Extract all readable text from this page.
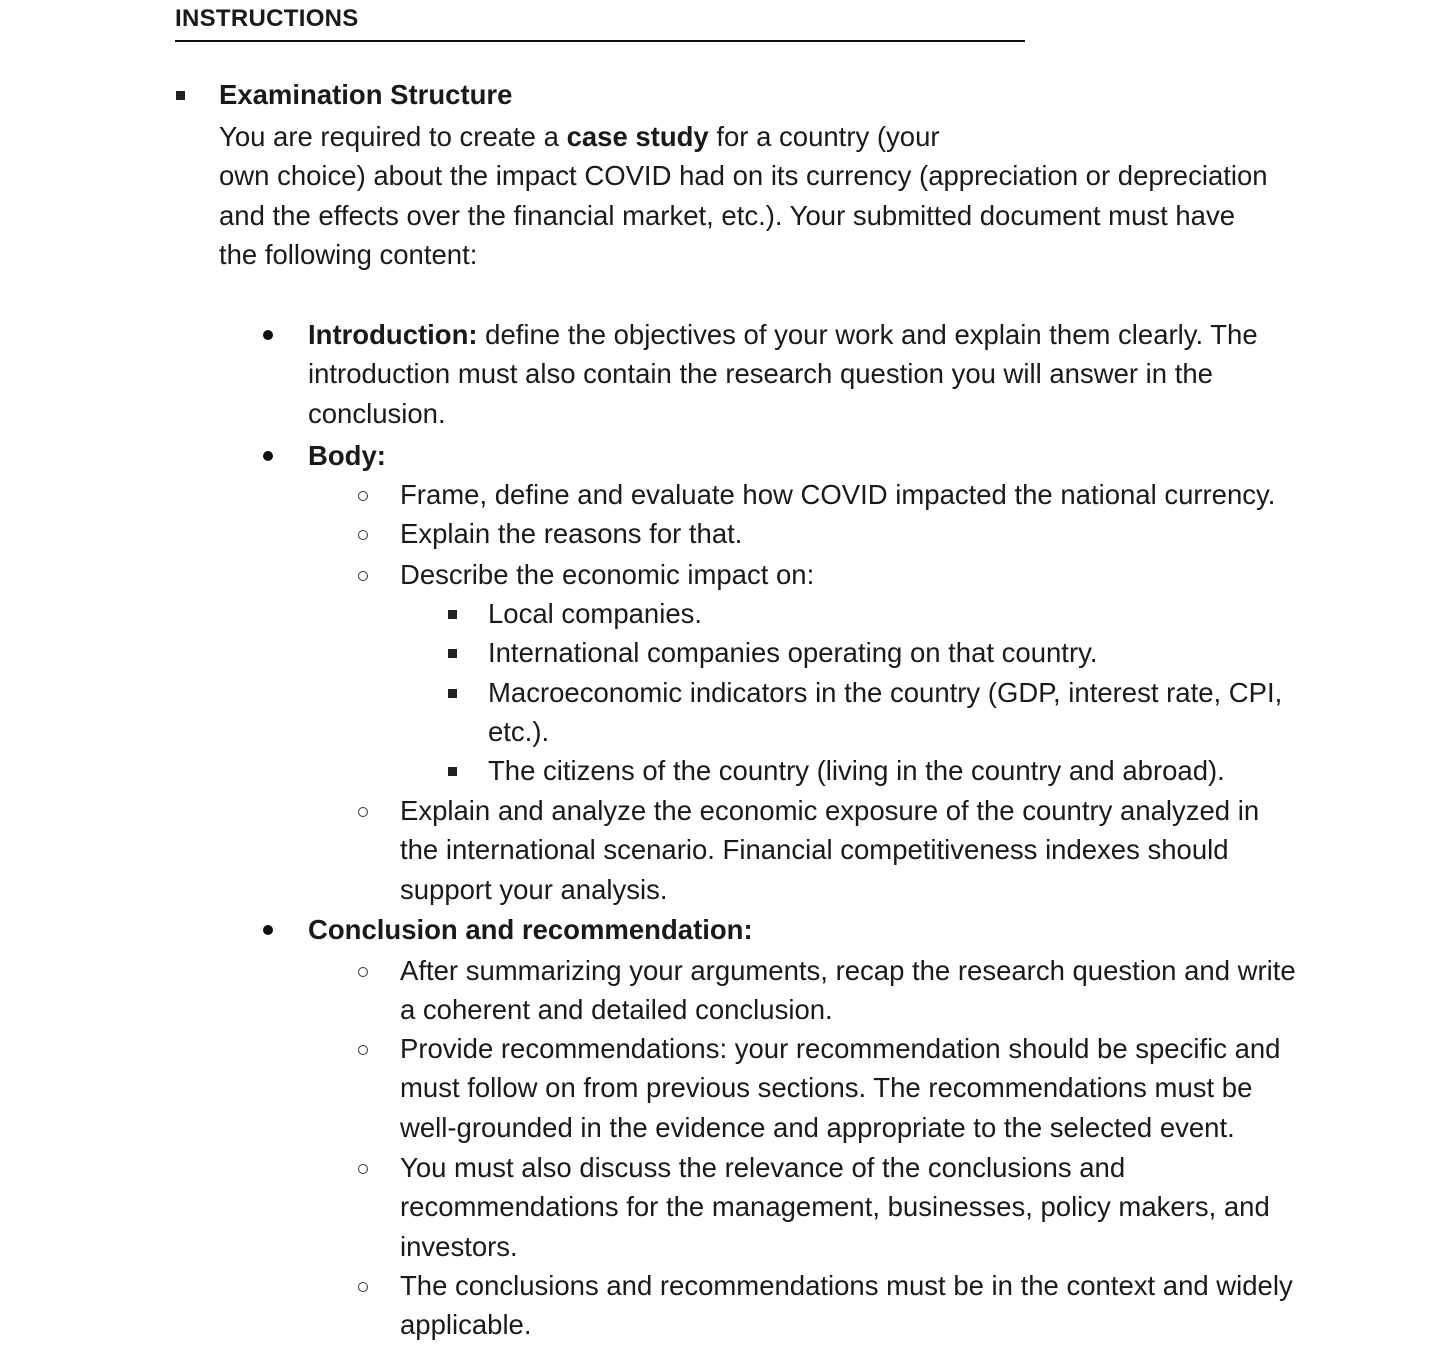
INSTRUCTIONS
Examination Structure
You are required to create a case study for a country (your
own choice) about the impact COVID had on its currency (appreciation or depreciation
and the effects over the financial market, etc.). Your submitted document must have
the following content:
Introduction: define the objectives of your work and explain them clearly. The
introduction must also contain the research question you will answer in the
conclusion.
Body:
Frame, define and evaluate how COVID impacted the national currency.
Explain the reasons for that.
Describe the economic impact on:
Local companies.
International companies operating on that country.
Macroeconomic indicators in the country (GDP, interest rate, CPI,
etc.).
The citizens of the country (living in the country and abroad).
Explain and analyze the economic exposure of the country analyzed in
the international scenario. Financial competitiveness indexes should
support your analysis.
Conclusion and recommendation:
After summarizing your arguments, recap the research question and write
a coherent and detailed conclusion.
Provide recommendations: your recommendation should be specific and
must follow on from previous sections. The recommendations must be
well-grounded in the evidence and appropriate to the selected event.
You must also discuss the relevance of the conclusions and
recommendations for the management, businesses, policy makers, and
investors.
The conclusions and recommendations must be in the context and widely
applicable.
